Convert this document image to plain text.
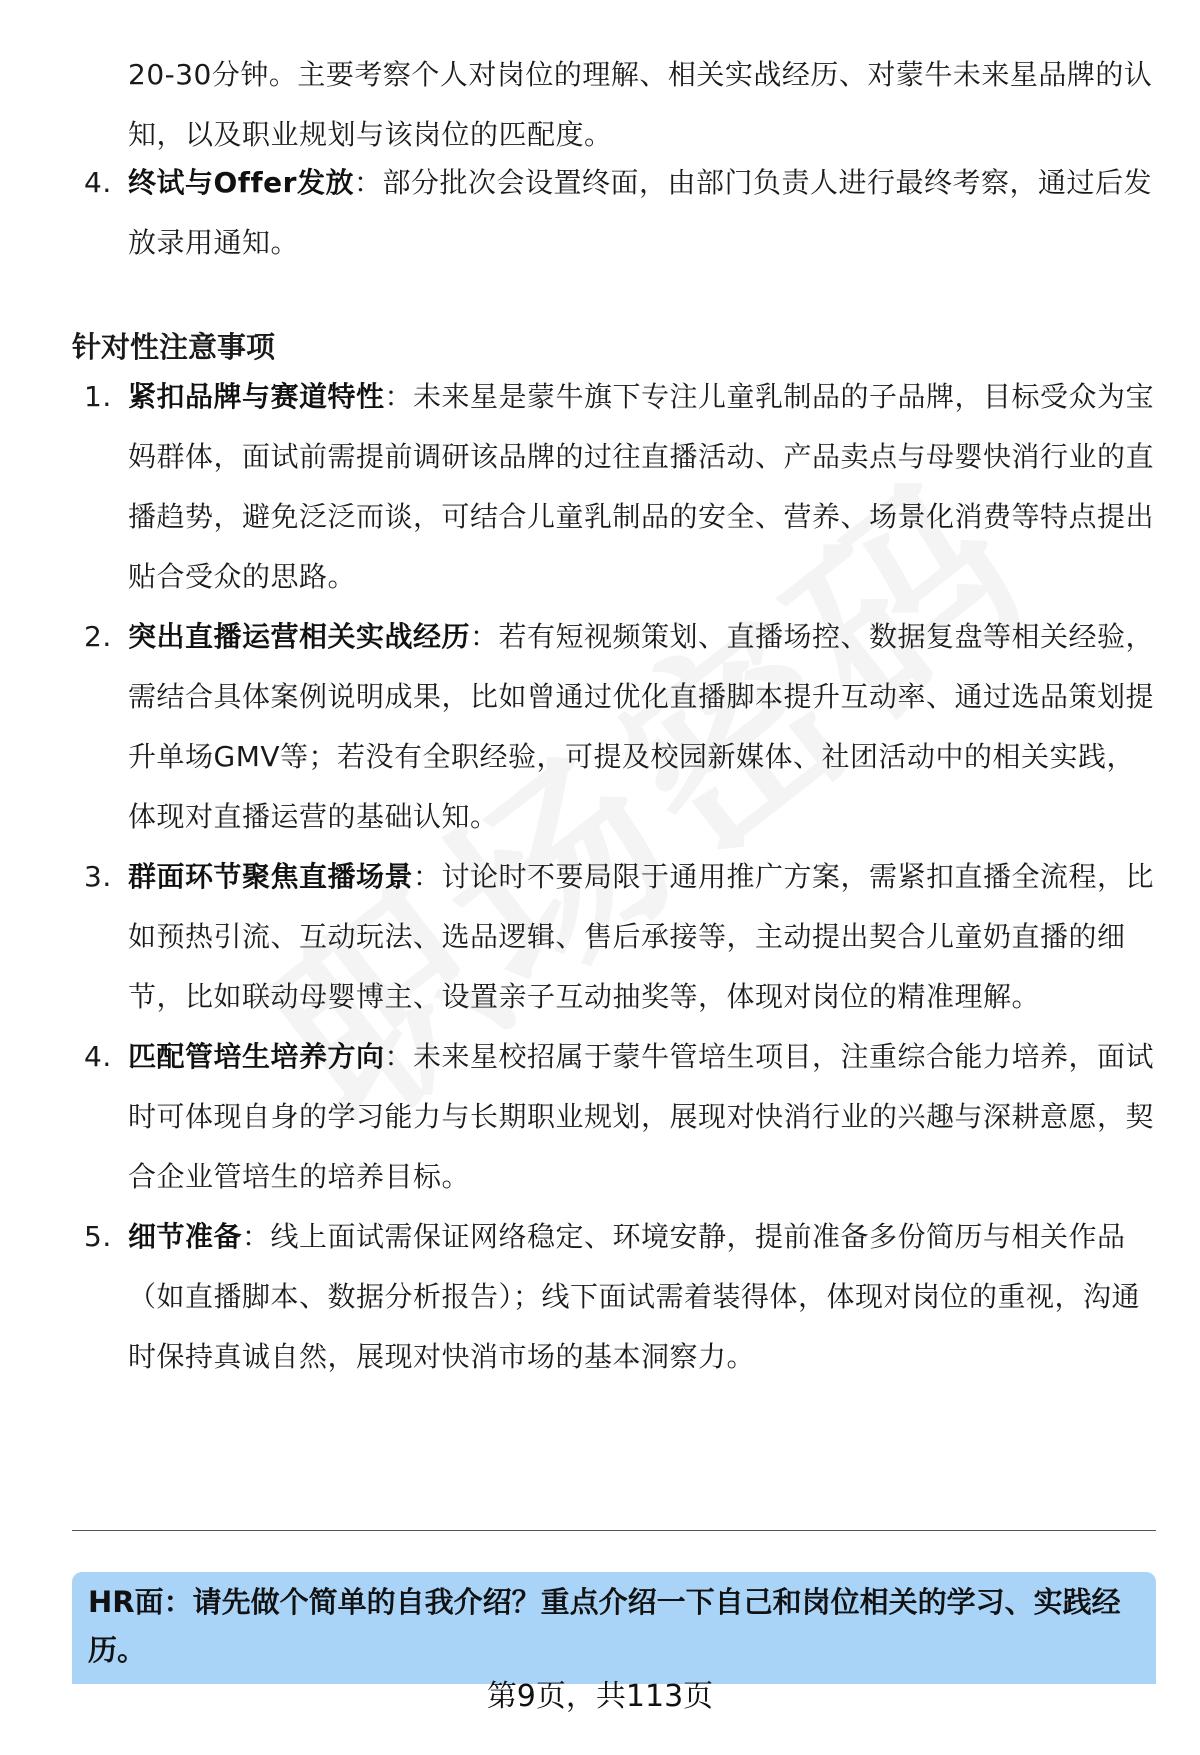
20-30分钟。主要考察个人对岗位的理解、相关实战经历、对蒙牛未来星品牌的认知，以及职业规划与该岗位的匹配度。
4. 终试与Offer发放：部分批次会设置终面，由部门负责人进行最终考察，通过后发放录用通知。
针对性注意事项
1. 紧扣品牌与赛道特性：未来星是蒙牛旗下专注儿童乳制品的子品牌，目标受众为宝妈群体，面试前需提前调研该品牌的过往直播活动、产品卖点与母婴快消行业的直播趋势，避免泛泛而谈，可结合儿童乳制品的安全、营养、场景化消费等特点提出贴合受众的思路。
2. 突出直播运营相关实战经历：若有短视频策划、直播场控、数据复盘等相关经验，需结合具体案例说明成果，比如曾通过优化直播脚本提升互动率、通过选品策划提升单场GMV等；若没有全职经验，可提及校园新媒体、社团活动中的相关实践，体现对直播运营的基础认知。
3. 群面环节聚焦直播场景：讨论时不要局限于通用推广方案，需紧扣直播全流程，比如预热引流、互动玩法、选品逻辑、售后承接等，主动提出契合儿童奶直播的细节，比如联动母婴博主、设置亲子互动抽奖等，体现对岗位的精准理解。
4. 匹配管培生培养方向：未来星校招属于蒙牛管培生项目，注重综合能力培养，面试时可体现自身的学习能力与长期职业规划，展现对快消行业的兴趣与深耕意愿，契合企业管培生的培养目标。
5. 细节准备：线上面试需保证网络稳定、环境安静，提前准备多份简历与相关作品（如直播脚本、数据分析报告）；线下面试需着装得体，体现对岗位的重视，沟通时保持真诚自然，展现对快消市场的基本洞察力。
HR面：请先做个简单的自我介绍？重点介绍一下自己和岗位相关的学习、实践经历。
第9页，共113页
